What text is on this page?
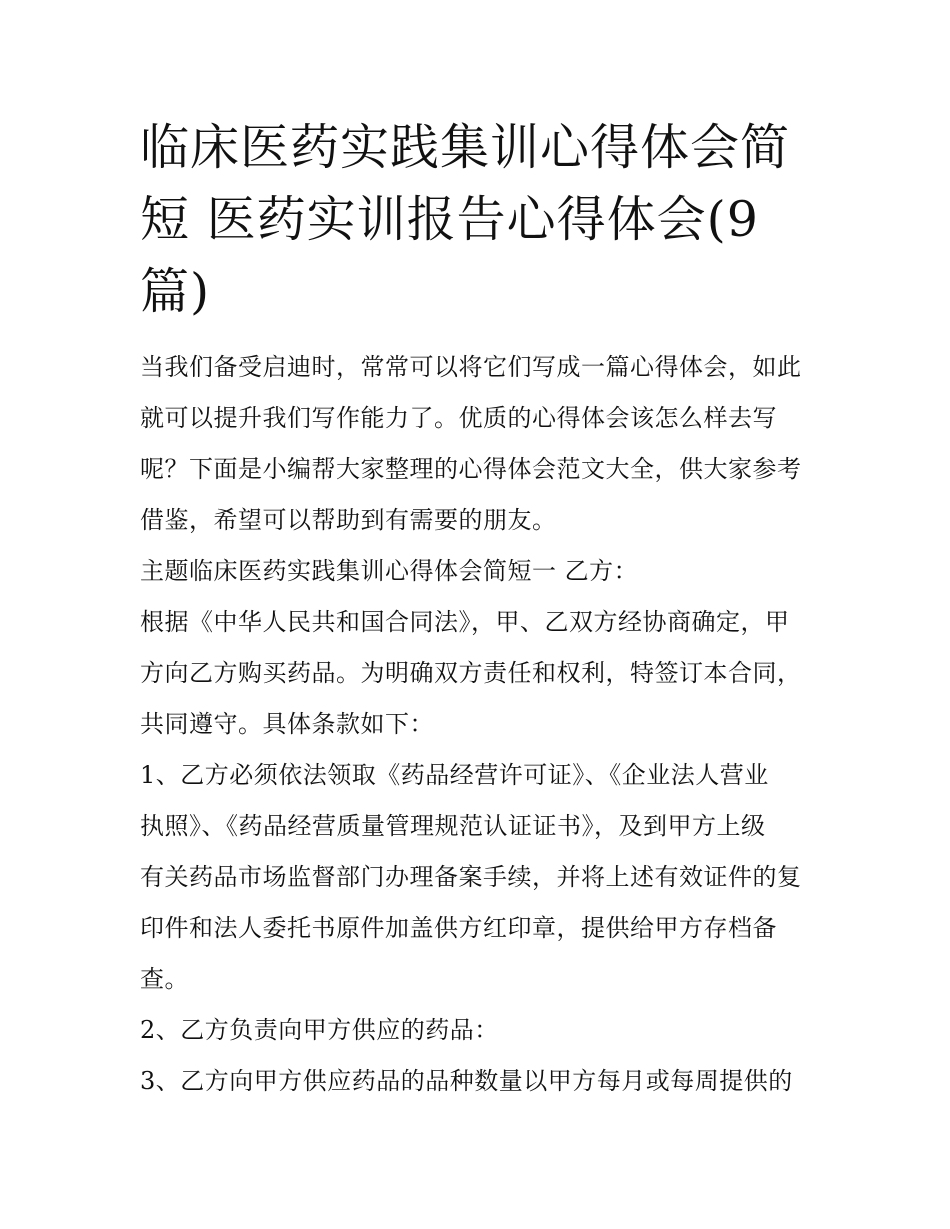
临床医药实践集训心得体会简
短 医药实训报告心得体会(9
篇)
当我们备受启迪时，常常可以将它们写成一篇心得体会，如此
就可以提升我们写作能力了。优质的心得体会该怎么样去写
呢？下面是小编帮大家整理的心得体会范文大全，供大家参考
借鉴，希望可以帮助到有需要的朋友。
主题临床医药实践集训心得体会简短一 乙方：
根据《中华人民共和国合同法》，甲、乙双方经协商确定，甲
方向乙方购买药品。为明确双方责任和权利，特签订本合同，
共同遵守。具体条款如下：
1、乙方必须依法领取《药品经营许可证》、《企业法人营业
执照》、《药品经营质量管理规范认证证书》，及到甲方上级
有关药品市场监督部门办理备案手续，并将上述有效证件的复
印件和法人委托书原件加盖供方红印章，提供给甲方存档备
查。
2、乙方负责向甲方供应的药品：
3、乙方向甲方供应药品的品种数量以甲方每月或每周提供的
